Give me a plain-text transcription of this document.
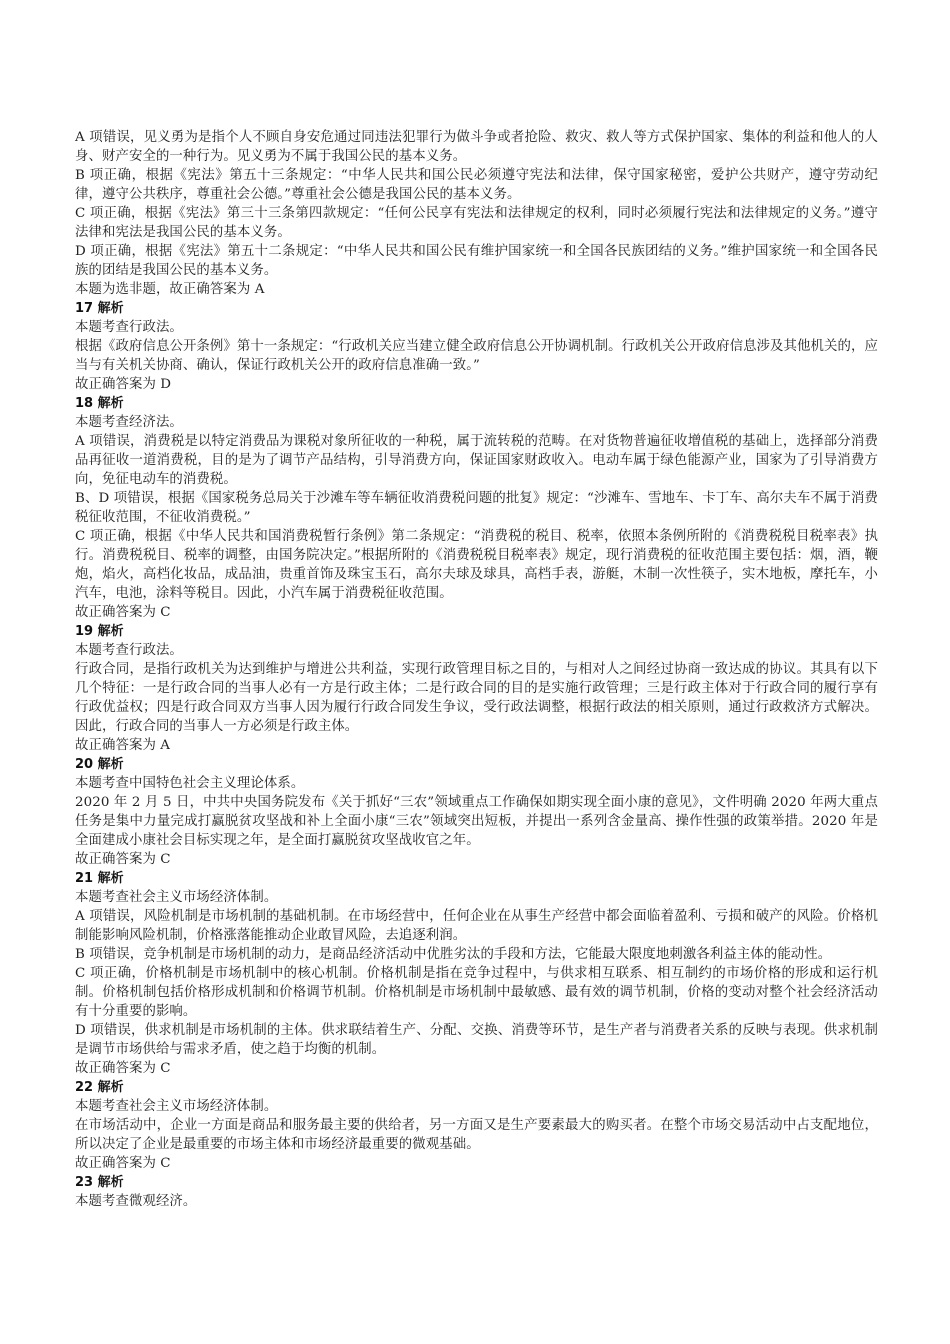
A 项错误，见义勇为是指个人不顾自身安危通过同违法犯罪行为做斗争或者抢险、救灾、救人等方式保护国家、集体的利益和他人的人身、财产安全的一种行为。见义勇为不属于我国公民的基本义务。

B 项正确，根据《宪法》第五十三条规定：“中华人民共和国公民必须遵守宪法和法律，保守国家秘密，爱护公共财产，遵守劳动纪律，遵守公共秩序，尊重社会公德。”尊重社会公德是我国公民的基本义务。

C 项正确，根据《宪法》第三十三条第四款规定：“任何公民享有宪法和法律规定的权利，同时必须履行宪法和法律规定的义务。”遵守法律和宪法是我国公民的基本义务。

D 项正确，根据《宪法》第五十二条规定：“中华人民共和国公民有维护国家统一和全国各民族团结的义务。”维护国家统一和全国各民族的团结是我国公民的基本义务。

本题为选非题，故正确答案为 A

17 解析

本题考查行政法。

根据《政府信息公开条例》第十一条规定：“行政机关应当建立健全政府信息公开协调机制。行政机关公开政府信息涉及其他机关的，应当与有关机关协商、确认，保证行政机关公开的政府信息准确一致。”

故正确答案为 D

18 解析

本题考查经济法。

A 项错误，消费税是以特定消费品为课税对象所征收的一种税，属于流转税的范畴。在对货物普遍征收增值税的基础上，选择部分消费品再征收一道消费税，目的是为了调节产品结构，引导消费方向，保证国家财政收入。电动车属于绿色能源产业，国家为了引导消费方向，免征电动车的消费税。

B、D 项错误，根据《国家税务总局关于沙滩车等车辆征收消费税问题的批复》规定：“沙滩车、雪地车、卡丁车、高尔夫车不属于消费税征收范围，不征收消费税。”

C 项正确，根据《中华人民共和国消费税暂行条例》第二条规定：“消费税的税目、税率，依照本条例所附的《消费税税目税率表》执行。消费税税目、税率的调整，由国务院决定。”根据所附的《消费税税目税率表》规定，现行消费税的征收范围主要包括：烟，酒，鞭炮，焰火，高档化妆品，成品油，贵重首饰及珠宝玉石，高尔夫球及球具，高档手表，游艇，木制一次性筷子，实木地板，摩托车，小汽车，电池，涂料等税目。因此，小汽车属于消费税征收范围。

故正确答案为 C

19 解析

本题考查行政法。

行政合同，是指行政机关为达到维护与增进公共利益，实现行政管理目标之目的，与相对人之间经过协商一致达成的协议。其具有以下几个特征：一是行政合同的当事人必有一方是行政主体；二是行政合同的目的是实施行政管理；三是行政主体对于行政合同的履行享有行政优益权；四是行政合同双方当事人因为履行行政合同发生争议，受行政法调整，根据行政法的相关原则，通过行政救济方式解决。因此，行政合同的当事人一方必须是行政主体。

故正确答案为 A

20 解析

本题考查中国特色社会主义理论体系。

2020 年 2 月 5 日，中共中央国务院发布《关于抓好“三农”领域重点工作确保如期实现全面小康的意见》，文件明确 2020 年两大重点任务是集中力量完成打赢脱贫攻坚战和补上全面小康“三农”领域突出短板，并提出一系列含金量高、操作性强的政策举措。2020 年是全面建成小康社会目标实现之年，是全面打赢脱贫攻坚战收官之年。

故正确答案为 C

21 解析

本题考查社会主义市场经济体制。

A 项错误，风险机制是市场机制的基础机制。在市场经营中，任何企业在从事生产经营中都会面临着盈利、亏损和破产的风险。价格机制能影响风险机制，价格涨落能推动企业敢冒风险，去追逐利润。

B 项错误，竞争机制是市场机制的动力，是商品经济活动中优胜劣汰的手段和方法，它能最大限度地刺激各利益主体的能动性。

C 项正确，价格机制是市场机制中的核心机制。价格机制是指在竞争过程中，与供求相互联系、相互制约的市场价格的形成和运行机制。价格机制包括价格形成机制和价格调节机制。价格机制是市场机制中最敏感、最有效的调节机制，价格的变动对整个社会经济活动有十分重要的影响。

D 项错误，供求机制是市场机制的主体。供求联结着生产、分配、交换、消费等环节，是生产者与消费者关系的反映与表现。供求机制是调节市场供给与需求矛盾，使之趋于均衡的机制。

故正确答案为 C

22 解析

本题考查社会主义市场经济体制。

在市场活动中，企业一方面是商品和服务最主要的供给者，另一方面又是生产要素最大的购买者。在整个市场交易活动中占支配地位，所以决定了企业是最重要的市场主体和市场经济最重要的微观基础。

故正确答案为 C

23 解析

本题考查微观经济。
